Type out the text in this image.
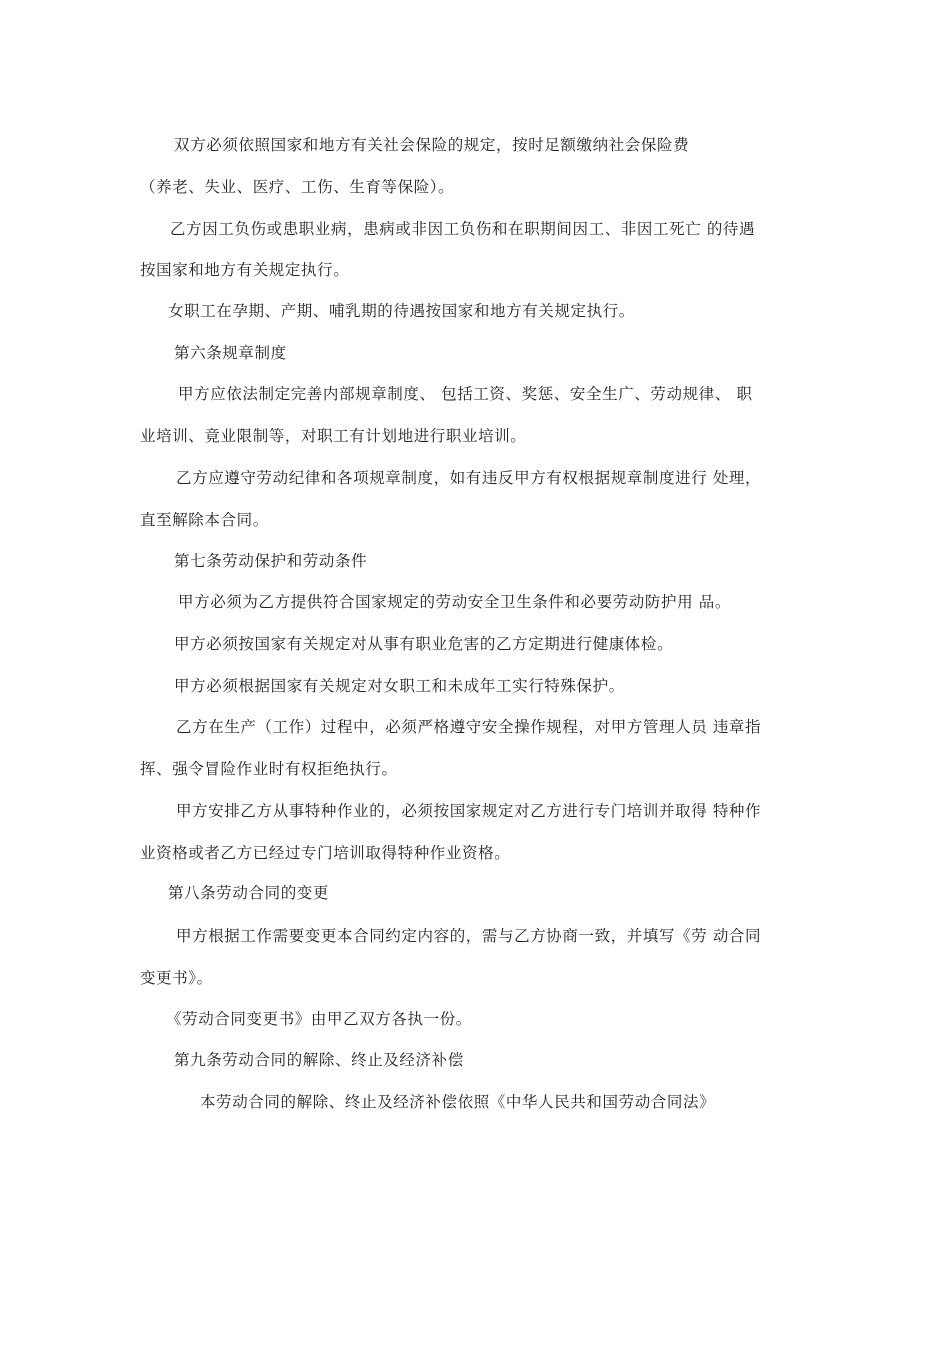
双方必须依照国家和地方有关社会保险的规定，按时足额缴纳社会保险费
（养老、失业、医疗、工伤、生育等保险）。
乙方因工负伤或患职业病，患病或非因工负伤和在职期间因工、非因工死亡 的待遇
按国家和地方有关规定执行。
女职工在孕期、产期、哺乳期的待遇按国家和地方有关规定执行。
第六条规章制度
甲方应依法制定完善内部规章制度、 包括工资、奖惩、安全生广、劳动规律、 职
业培训、竟业限制等，对职工有计划地进行职业培训。
乙方应遵守劳动纪律和各项规章制度，如有违反甲方有权根据规章制度进行 处理，
直至解除本合同。
第七条劳动保护和劳动条件
甲方必须为乙方提供符合国家规定的劳动安全卫生条件和必要劳动防护用 品。
甲方必须按国家有关规定对从事有职业危害的乙方定期进行健康体检。
甲方必须根据国家有关规定对女职工和未成年工实行特殊保护。
乙方在生产（工作）过程中，必须严格遵守安全操作规程，对甲方管理人员 违章指
挥、强令冒险作业时有权拒绝执行。
甲方安排乙方从事特种作业的，必须按国家规定对乙方进行专门培训并取得 特种作
业资格或者乙方已经过专门培训取得特种作业资格。
第八条劳动合同的变更
甲方根据工作需要变更本合同约定内容的，需与乙方协商一致，并填写《劳 动合同
变更书》。
《劳动合同变更书》由甲乙双方各执一份。
第九条劳动合同的解除、终止及经济补偿
本劳动合同的解除、终止及经济补偿依照《中华人民共和国劳动合同法》
